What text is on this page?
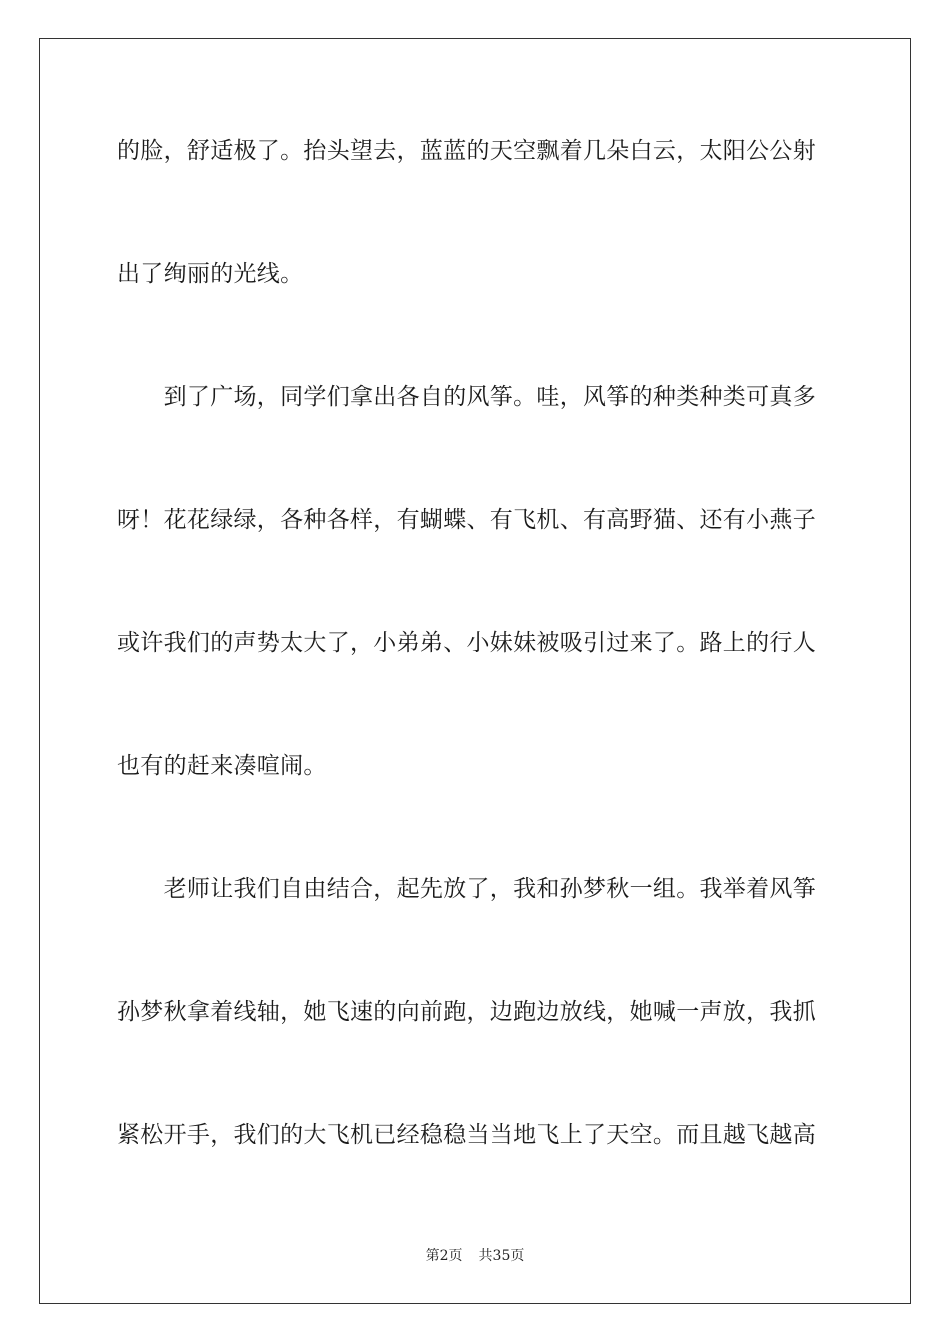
的脸，舒适极了。抬头望去，蓝蓝的天空飘着几朵白云，太阳公公射
出了绚丽的光线。
　　到了广场，同学们拿出各自的风筝。哇，风筝的种类种类可真多
呀！花花绿绿，各种各样，有蝴蝶、有飞机、有高野猫、还有小燕子
或许我们的声势太大了，小弟弟、小妹妹被吸引过来了。路上的行人
也有的赶来凑喧闹。
　　老师让我们自由结合，起先放了，我和孙梦秋一组。我举着风筝
孙梦秋拿着线轴，她飞速的向前跑，边跑边放线，她喊一声放，我抓
紧松开手，我们的大飞机已经稳稳当当地飞上了天空。而且越飞越高
第2页 共35页
